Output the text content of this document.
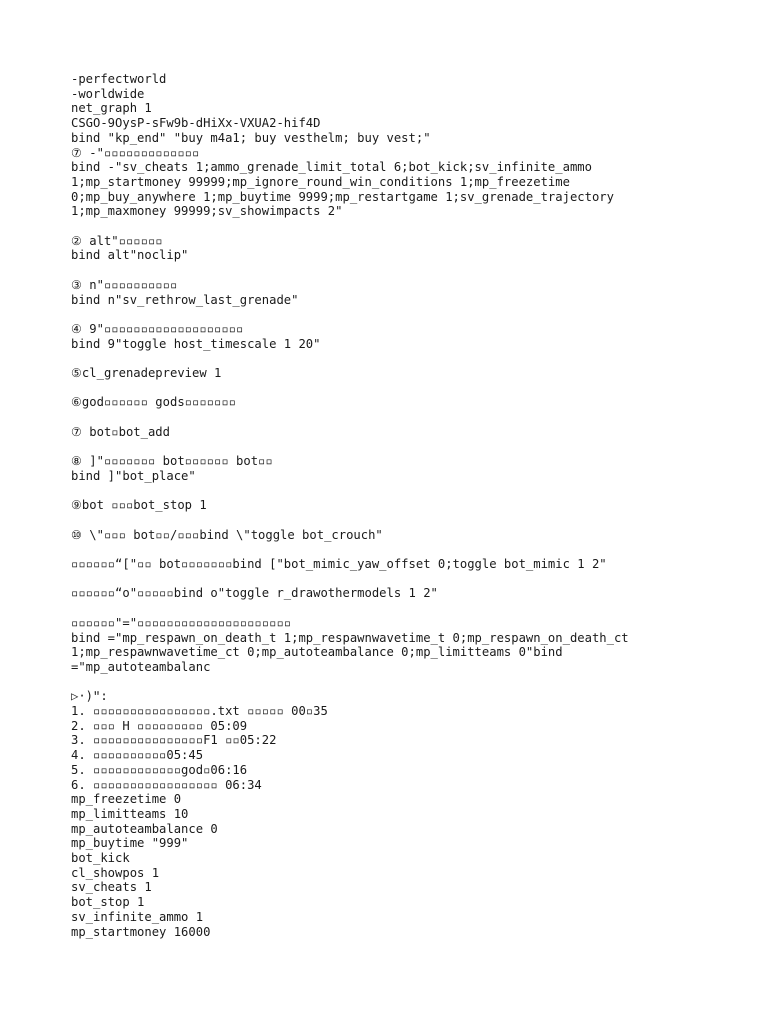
-perfectworld
-worldwide
net_graph 1
CSGO-9OysP-sFw9b-dHiXx-VXUA2-hif4D
bind "kp_end" "buy m4a1; buy vesthelm; buy vest;"
⑦ -"▫▫▫▫▫▫▫▫▫▫▫▫▫
bind -"sv_cheats 1;ammo_grenade_limit_total 6;bot_kick;sv_infinite_ammo
1;mp_startmoney 99999;mp_ignore_round_win_conditions 1;mp_freezetime
0;mp_buy_anywhere 1;mp_buytime 9999;mp_restartgame 1;sv_grenade_trajectory
1;mp_maxmoney 99999;sv_showimpacts 2"
② alt"▫▫▫▫▫▫
bind alt"noclip"
③ n"▫▫▫▫▫▫▫▫▫▫
bind n"sv_rethrow_last_grenade"
④ 9"▫▫▫▫▫▫▫▫▫▫▫▫▫▫▫▫▫▫▫
bind 9"toggle host_timescale 1 20"
⑤cl_grenadepreview 1
⑥god▫▫▫▫▫▫ gods▫▫▫▫▫▫▫
⑦ bot▫bot_add
⑧ ]"▫▫▫▫▫▫▫ bot▫▫▫▫▫▫ bot▫▫
bind ]"bot_place"
⑨bot ▫▫▫bot_stop 1
⑩ \"▫▫▫ bot▫▫/▫▫▫bind \"toggle bot_crouch"
▫▫▫▫▫▫“["▫▫ bot▫▫▫▫▫▫▫bind ["bot_mimic_yaw_offset 0;toggle bot_mimic 1 2"
▫▫▫▫▫▫“o"▫▫▫▫▫bind o"toggle r_drawothermodels 1 2"
▫▫▫▫▫▫"="▫▫▫▫▫▫▫▫▫▫▫▫▫▫▫▫▫▫▫▫▫
bind ="mp_respawn_on_death_t 1;mp_respawnwavetime_t 0;mp_respawn_on_death_ct
1;mp_respawnwavetime_ct 0;mp_autoteambalance 0;mp_limitteams 0"bind
="mp_autoteambalanc
▷·)ʺ:
1. ▫▫▫▫▫▫▫▫▫▫▫▫▫▫▫▫.txt ▫▫▫▫▫ 00▫35
2. ▫▫▫ H ▫▫▫▫▫▫▫▫▫ 05:09
3. ▫▫▫▫▫▫▫▫▫▫▫▫▫▫▫F1 ▫▫05:22
4. ▫▫▫▫▫▫▫▫▫▫05:45
5. ▫▫▫▫▫▫▫▫▫▫▫▫god▫06:16
6. ▫▫▫▫▫▫▫▫▫▫▫▫▫▫▫▫▫ 06:34
mp_freezetime 0
mp_limitteams 10
mp_autoteambalance 0
mp_buytime "999"
bot_kick
cl_showpos 1
sv_cheats 1
bot_stop 1
sv_infinite_ammo 1
mp_startmoney 16000
